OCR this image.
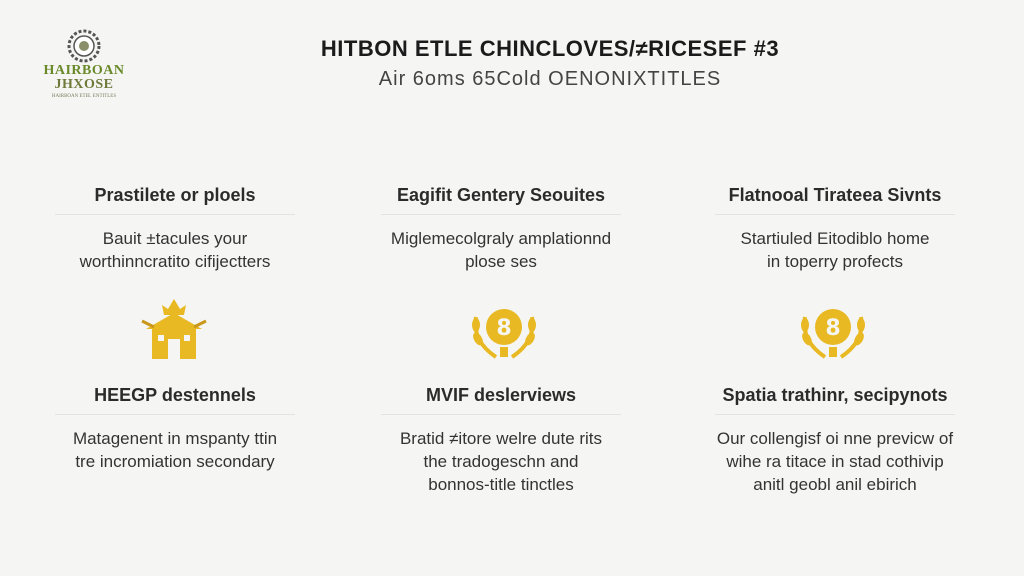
HAIRBOAN
JHXOSE
HAIRBOAN ETIE. ENTITLES
HITBON ETLE CHINCLOVES/≠RICESEF #3
Air 6oms 65Cold OENONIXTITLES
Prastilete or ploels
Bauit ±tacules your
worthinncratito cifijectters
Eagifit Gentery Seouites
Miglemecolgraly amplationnd
plose ses
Flatnooal Tirateea Sivnts
Startiuled Eitodiblo home
in toperry profects
8	8
HEEGP destennels
Matagenent in mspanty ttin
tre incromiation secondary
MVIF deslerviews
Bratid ≠itore welre dute rits
the tradogeschn and
bonnos-title tinctles
Spatia trathinr, secipynots
Our collengisf oi nne previcw of
wihe ra titace in stad cothivip
anitl geobl anil ebirich
